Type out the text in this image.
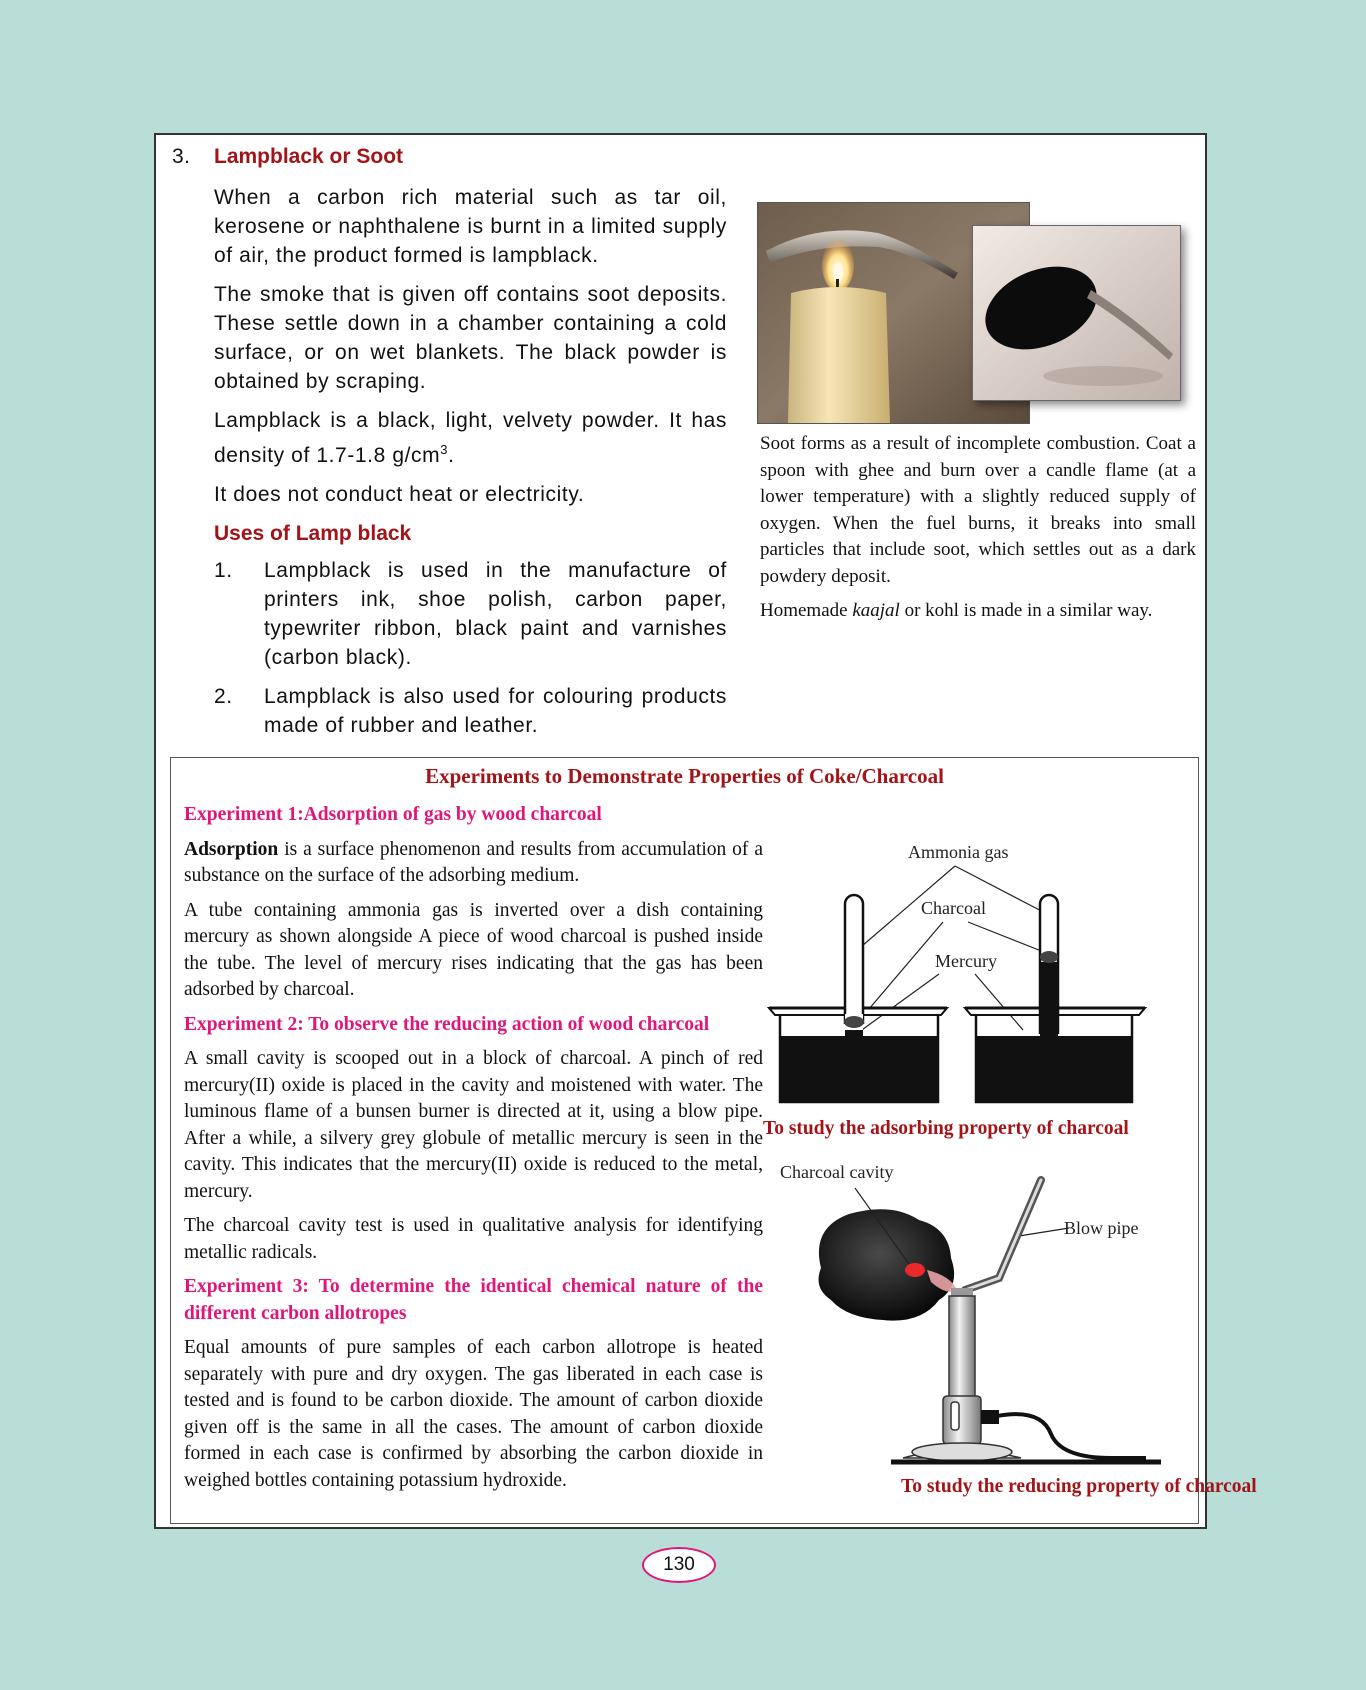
3. Lampblack or Soot

When a carbon rich material such as tar oil, kerosene or naphthalene is burnt in a limited supply of air, the product formed is lampblack.

The smoke that is given off contains soot deposits. These settle down in a chamber containing a cold surface, or on wet blankets. The black powder is obtained by scraping.

Lampblack is a black, light, velvety powder. It has density of 1.7-1.8 $g/cm^3$.

It does not conduct heat or electricity.

Uses of Lamp black
1. Lampblack is used in the manufacture of printers ink, shoe polish, carbon paper, typewriter ribbon, black paint and varnishes (carbon black).
2. Lampblack is also used for colouring products made of rubber and leather.

Soot forms as a result of incomplete combustion. Coat a spoon with ghee and burn over a candle flame (at a lower temperature) with a slightly reduced supply of oxygen. When the fuel burns, it breaks into small particles that include soot, which settles out as a dark powdery deposit.

Homemade kaajal or kohl is made in a similar way.

Experiments to Demonstrate Properties of Coke/Charcoal
Experiment 1:Adsorption of gas by wood charcoal

Adsorption is a surface phenomenon and results from accumulation of a substance on the surface of the adsorbing medium.

A tube containing ammonia gas is inverted over a dish containing mercury as shown alongside A piece of wood charcoal is pushed inside the tube. The level of mercury rises indicating that the gas has been adsorbed by charcoal.

Experiment 2: To observe the reducing action of wood charcoal

A small cavity is scooped out in a block of charcoal. A pinch of red mercury(II) oxide is placed in the cavity and moistened with water. The luminous flame of a bunsen burner is directed at it, using a blow pipe. After a while, a silvery grey globule of metallic mercury is seen in the cavity. This indicates that the mercury(II) oxide is reduced to the metal, mercury.

The charcoal cavity test is used in qualitative analysis for identifying metallic radicals.

Experiment 3: To determine the identical chemical nature of the different carbon allotropes

Equal amounts of pure samples of each carbon allotrope is heated separately with pure and dry oxygen. The gas liberated in each case is tested and is found to be carbon dioxide. The amount of carbon dioxide given off is the same in all the cases. The amount of carbon dioxide formed in each case is confirmed by absorbing the carbon dioxide in weighed bottles containing potassium hydroxide.

Ammonia gas
Charcoal
Mercury
To study the adsorbing property of charcoal
Charcoal cavity
Blow pipe
To study the reducing property of charcoal
130
